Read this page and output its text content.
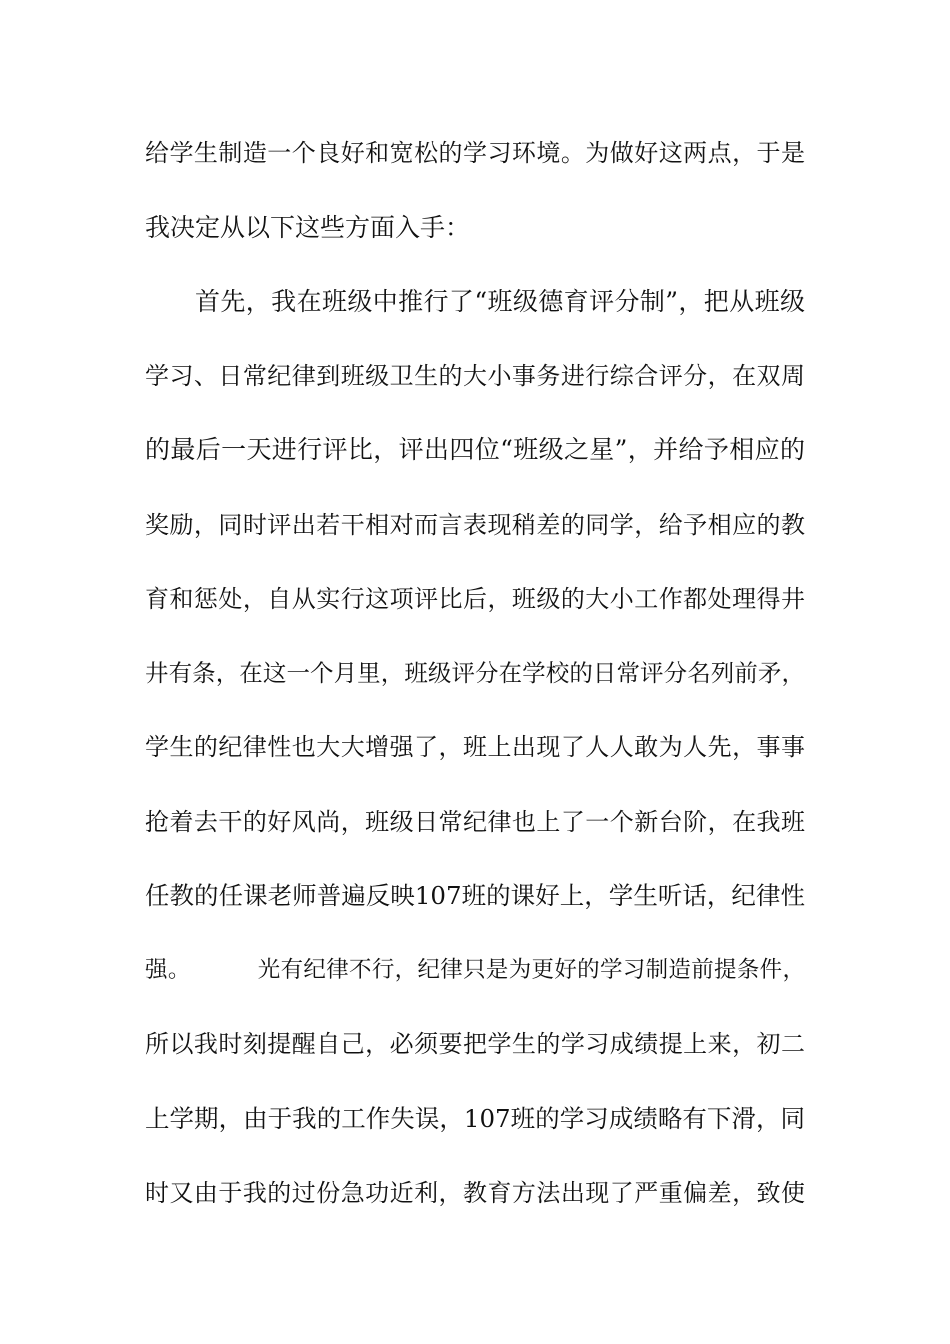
给学生制造一个良好和宽松的学习环境。为做好这两点，于是
我决定从以下这些方面入手：
首先，我在班级中推行了“班级德育评分制”，把从班级
学习、日常纪律到班级卫生的大小事务进行综合评分，在双周
的最后一天进行评比，评出四位“班级之星”，并给予相应的
奖励，同时评出若干相对而言表现稍差的同学，给予相应的教
育和惩处，自从实行这项评比后，班级的大小工作都处理得井
井有条，在这一个月里，班级评分在学校的日常评分名列前矛，
学生的纪律性也大大增强了，班上出现了人人敢为人先，事事
抢着去干的好风尚，班级日常纪律也上了一个新台阶，在我班
任教的任课老师普遍反映107班的课好上，学生听话，纪律性
强。         光有纪律不行，纪律只是为更好的学习制造前提条件，
所以我时刻提醒自己，必须要把学生的学习成绩提上来，初二
上学期，由于我的工作失误，107班的学习成绩略有下滑，同
时又由于我的过份急功近利，教育方法出现了严重偏差，致使
